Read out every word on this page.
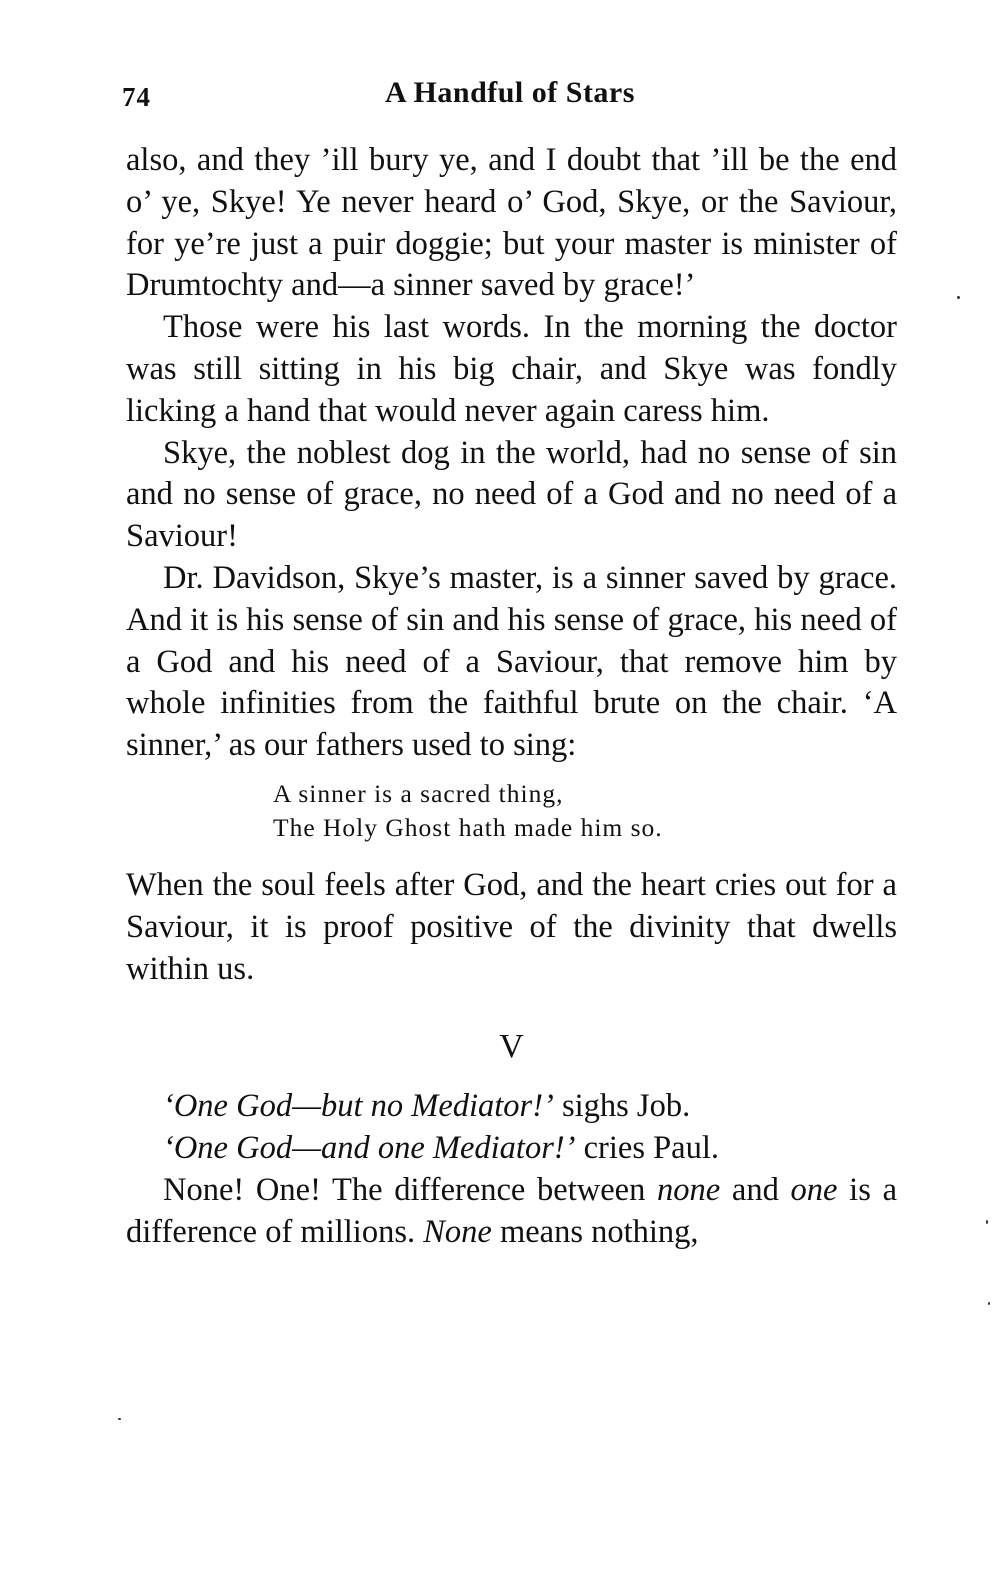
74	A Handful of Stars

also, and they ’ill bury ye, and I doubt that ’ill be the end o’ ye, Skye! Ye never heard o’ God, Skye, or the Saviour, for ye’re just a puir doggie; but your master is minister of Drumtochty and—a sinner saved by grace!’

Those were his last words. In the morning the doctor was still sitting in his big chair, and Skye was fondly licking a hand that would never again caress him.

Skye, the noblest dog in the world, had no sense of sin and no sense of grace, no need of a God and no need of a Saviour!

Dr. Davidson, Skye’s master, is a sinner saved by grace. And it is his sense of sin and his sense of grace, his need of a God and his need of a Saviour, that remove him by whole infinities from the faithful brute on the chair. ‘A sinner,’ as our fathers used to sing:

A sinner is a sacred thing,
The Holy Ghost hath made him so.

When the soul feels after God, and the heart cries out for a Saviour, it is proof positive of the divinity that dwells within us.

V

‘One God—but no Mediator!’ sighs Job.

‘One God—and one Mediator!’ cries Paul.

None! One! The difference between none and one is a difference of millions. None means nothing,
